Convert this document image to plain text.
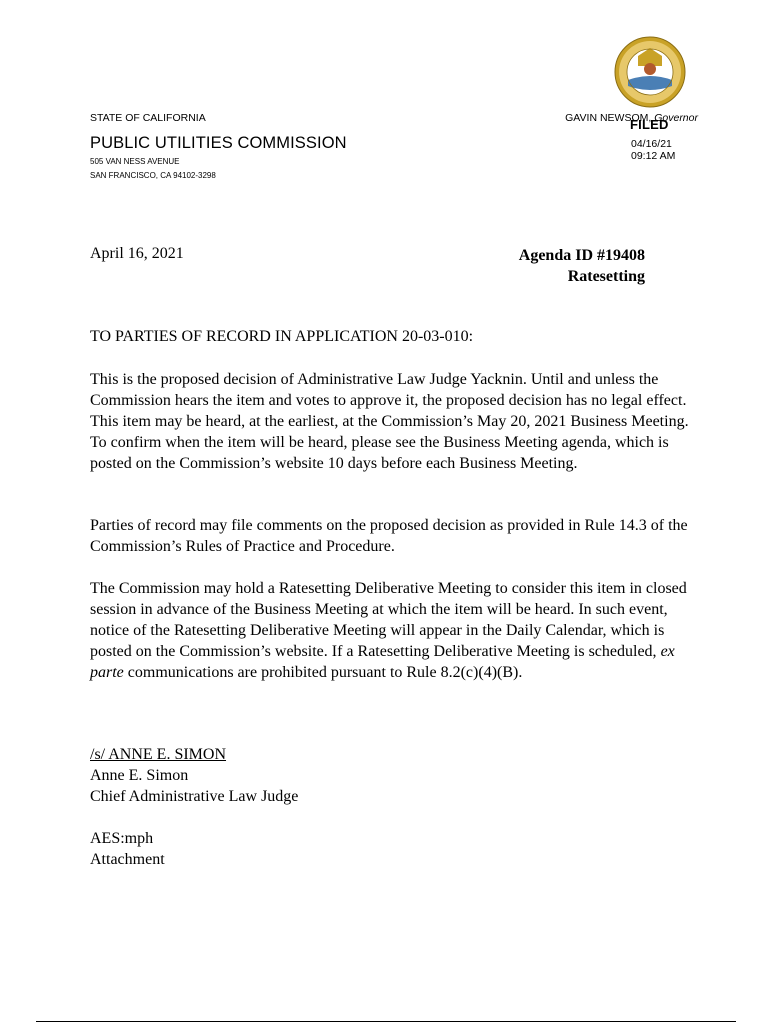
STATE OF CALIFORNIA	GAVIN NEWSOM, Governor
FILED
04/16/21
09:12 AM
PUBLIC UTILITIES COMMISSION
505 VAN NESS AVENUE
SAN FRANCISCO, CA 94102-3298
April 16, 2021	Agenda ID #19408
Ratesetting
TO PARTIES OF RECORD IN APPLICATION 20-03-010:
This is the proposed decision of Administrative Law Judge Yacknin. Until and unless the Commission hears the item and votes to approve it, the proposed decision has no legal effect. This item may be heard, at the earliest, at the Commission’s May 20, 2021 Business Meeting. To confirm when the item will be heard, please see the Business Meeting agenda, which is posted on the Commission’s website 10 days before each Business Meeting.
Parties of record may file comments on the proposed decision as provided in Rule 14.3 of the Commission’s Rules of Practice and Procedure.
The Commission may hold a Ratesetting Deliberative Meeting to consider this item in closed session in advance of the Business Meeting at which the item will be heard. In such event, notice of the Ratesetting Deliberative Meeting will appear in the Daily Calendar, which is posted on the Commission’s website. If a Ratesetting Deliberative Meeting is scheduled, ex parte communications are prohibited pursuant to Rule 8.2(c)(4)(B).
/s/ ANNE E. SIMON
Anne E. Simon
Chief Administrative Law Judge
AES:mph
Attachment
